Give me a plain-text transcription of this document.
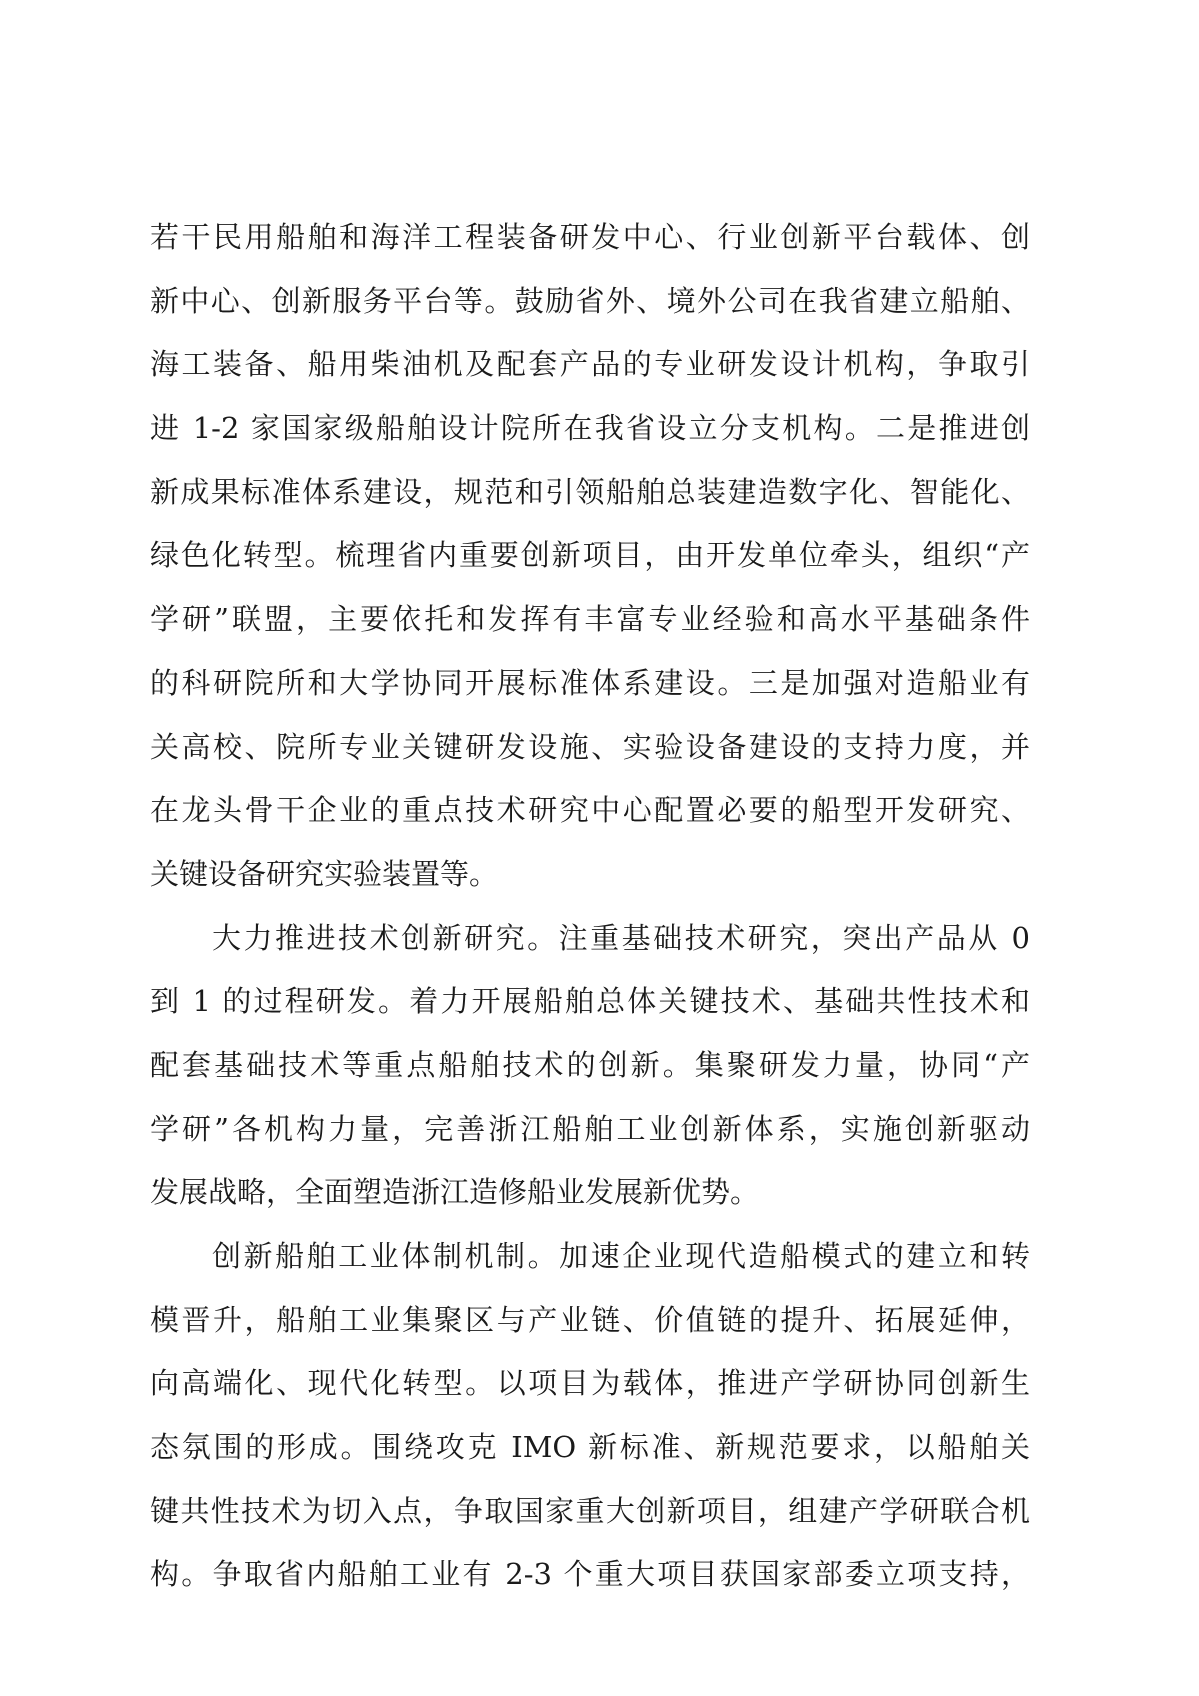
若干民用船舶和海洋工程装备研发中心、行业创新平台载体、创
新中心、创新服务平台等。鼓励省外、境外公司在我省建立船舶、
海工装备、船用柴油机及配套产品的专业研发设计机构，争取引
进 1-2 家国家级船舶设计院所在我省设立分支机构。二是推进创
新成果标准体系建设，规范和引领船舶总装建造数字化、智能化、
绿色化转型。梳理省内重要创新项目，由开发单位牵头，组织“产
学研”联盟，主要依托和发挥有丰富专业经验和高水平基础条件
的科研院所和大学协同开展标准体系建设。三是加强对造船业有
关高校、院所专业关键研发设施、实验设备建设的支持力度，并
在龙头骨干企业的重点技术研究中心配置必要的船型开发研究、
关键设备研究实验装置等。
大力推进技术创新研究。注重基础技术研究，突出产品从 0
到 1 的过程研发。着力开展船舶总体关键技术、基础共性技术和
配套基础技术等重点船舶技术的创新。集聚研发力量，协同“产
学研”各机构力量，完善浙江船舶工业创新体系，实施创新驱动
发展战略，全面塑造浙江造修船业发展新优势。
创新船舶工业体制机制。加速企业现代造船模式的建立和转
模晋升，船舶工业集聚区与产业链、价值链的提升、拓展延伸，
向高端化、现代化转型。以项目为载体，推进产学研协同创新生
态氛围的形成。围绕攻克 IMO 新标准、新规范要求，以船舶关
键共性技术为切入点，争取国家重大创新项目，组建产学研联合机
构。争取省内船舶工业有 2-3 个重大项目获国家部委立项支持，
